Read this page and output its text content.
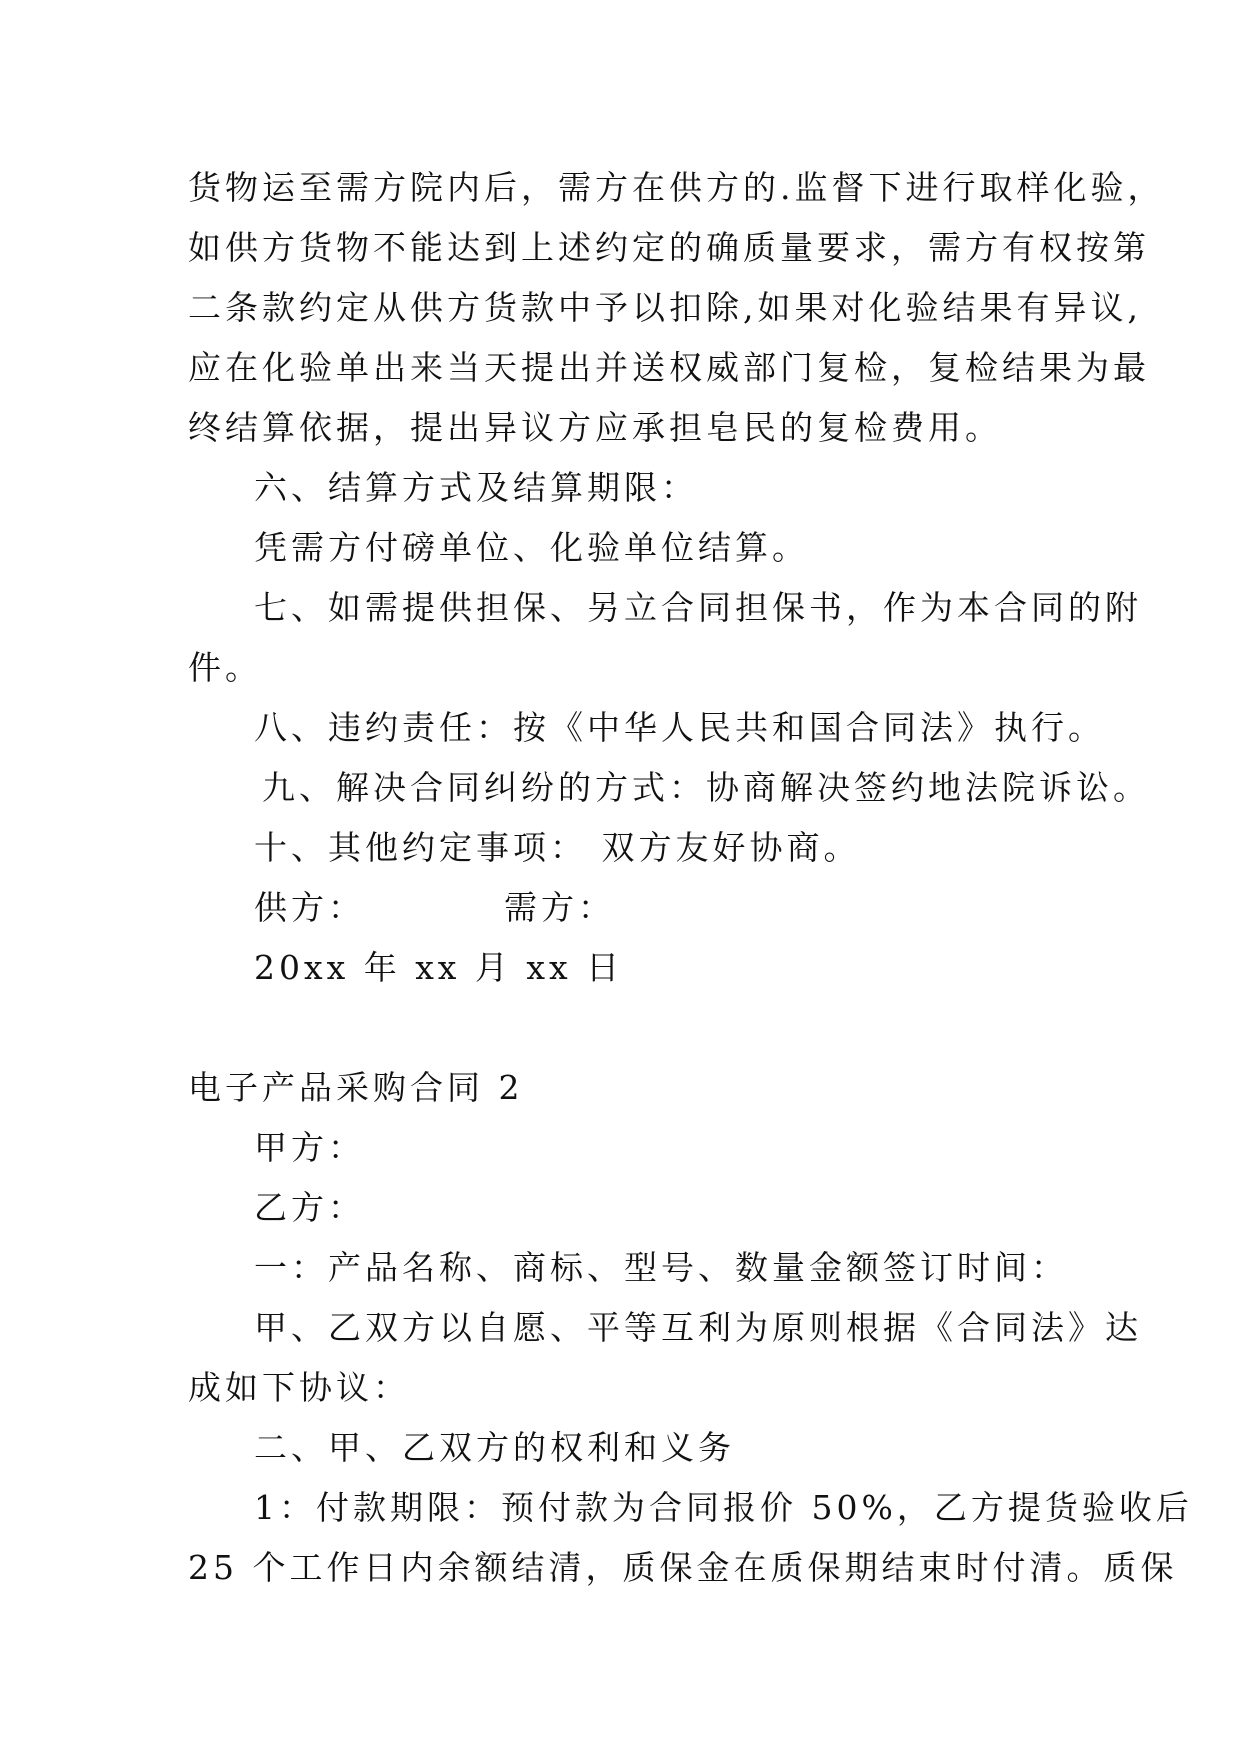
货物运至需方院内后，需方在供方的.监督下进行取样化验，
如供方货物不能达到上述约定的确质量要求，需方有权按第
二条款约定从供方货款中予以扣除,如果对化验结果有异议,
应在化验单出来当天提出并送权威部门复检，复检结果为最
终结算依据，提出异议方应承担皂民的复检费用。
六、结算方式及结算期限：
凭需方付磅单位、化验单位结算。
七、如需提供担保、另立合同担保书，作为本合同的附
件。
八、违约责任：按《中华人民共和国合同法》执行。
九、解决合同纠纷的方式：协商解决签约地法院诉讼。
十、其他约定事项： 双方友好协商。
供方：	需方：
20xx 年 xx 月 xx 日
电子产品采购合同 2
甲方：
乙方：
一：产品名称、商标、型号、数量金额签订时间：
甲、乙双方以自愿、平等互利为原则根据《合同法》达
成如下协议：
二、甲、乙双方的权利和义务
1：付款期限：预付款为合同报价 50%，乙方提货验收后
25 个工作日内余额结清，质保金在质保期结束时付清。质保
